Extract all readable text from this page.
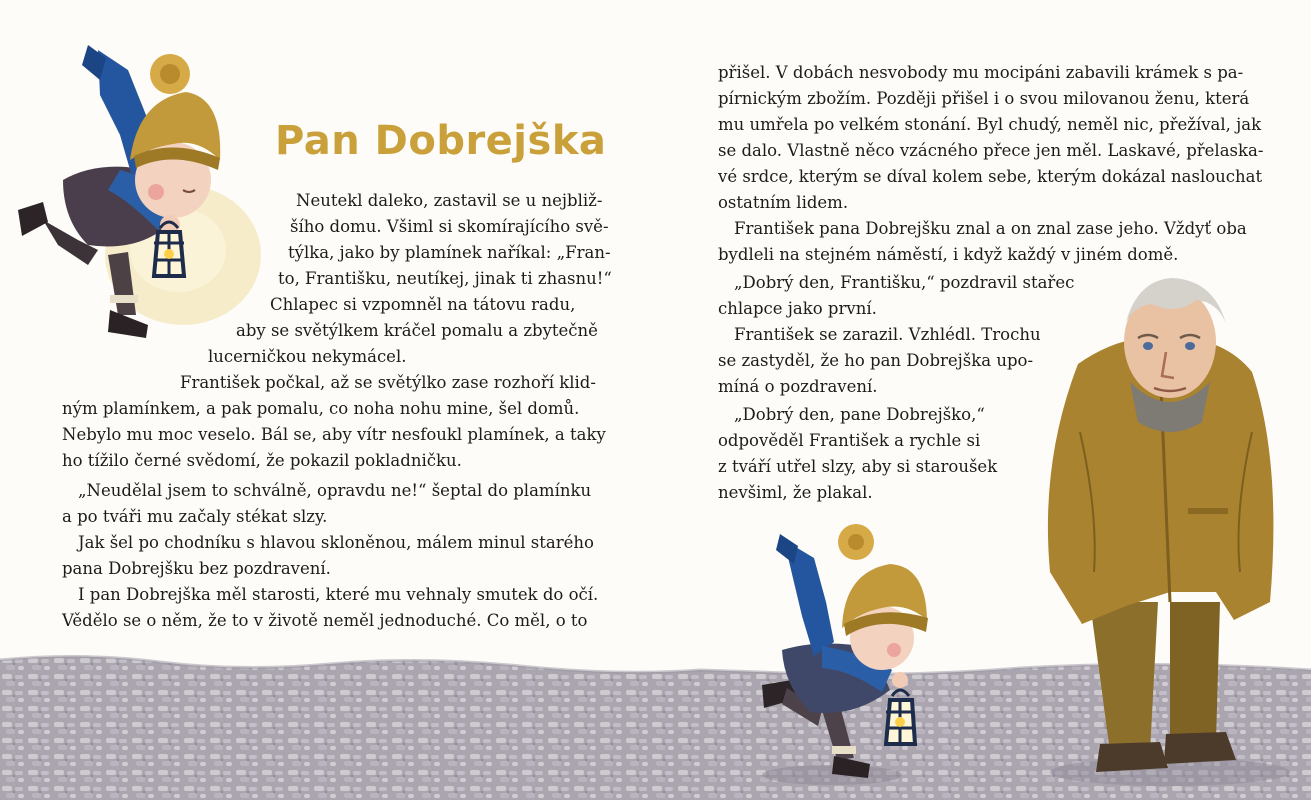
Pan Dobrejška
Neutekl daleko, zastavil se u nejbliž-
šího domu. Všiml si skomírajícího svě-
týlka, jako by plamínek naříkal: „Fran-
to, Františku, neutíkej, jinak ti zhasnu!“
Chlapec si vzpomněl na tátovu radu,
aby se světýlkem kráčel pomalu a zbytečně
lucerničkou nekymácel.
František počkal, až se světýlko zase rozhoří klid-
ným plamínkem, a pak pomalu, co noha nohu mine, šel domů.
Nebylo mu moc veselo. Bál se, aby vítr nesfoukl plamínek, a taky
ho tížilo černé svědomí, že pokazil pokladničku.
„Neudělal jsem to schválně, opravdu ne!“ šeptal do plamínku
a po tváři mu začaly stékat slzy.
Jak šel po chodníku s hlavou skloněnou, málem minul starého
pana Dobrejšku bez pozdravení.
I pan Dobrejška měl starosti, které mu vehnaly smutek do očí.
Vědělo se o něm, že to v životě neměl jednoduché. Co měl, o to
přišel. V dobách nesvobody mu mocipáni zabavili krámek s pa-
pírnickým zbožím. Později přišel i o svou milovanou ženu, která
mu umřela po velkém stonání. Byl chudý, neměl nic, přežíval, jak
se dalo. Vlastně něco vzácného přece jen měl. Laskavé, přelaska-
vé srdce, kterým se díval kolem sebe, kterým dokázal naslouchat
ostatním lidem.
František pana Dobrejšku znal a on znal zase jeho. Vždyť oba
bydleli na stejném náměstí, i když každý v jiném domě.
„Dobrý den, Františku,“ pozdravil stařec
chlapce jako první.
František se zarazil. Vzhlédl. Trochu
se zastyděl, že ho pan Dobrejška upo-
míná o pozdravení.
„Dobrý den, pane Dobrejško,“
odpověděl František a rychle si
z tváří utřel slzy, aby si staroušek
nevšiml, že plakal.
